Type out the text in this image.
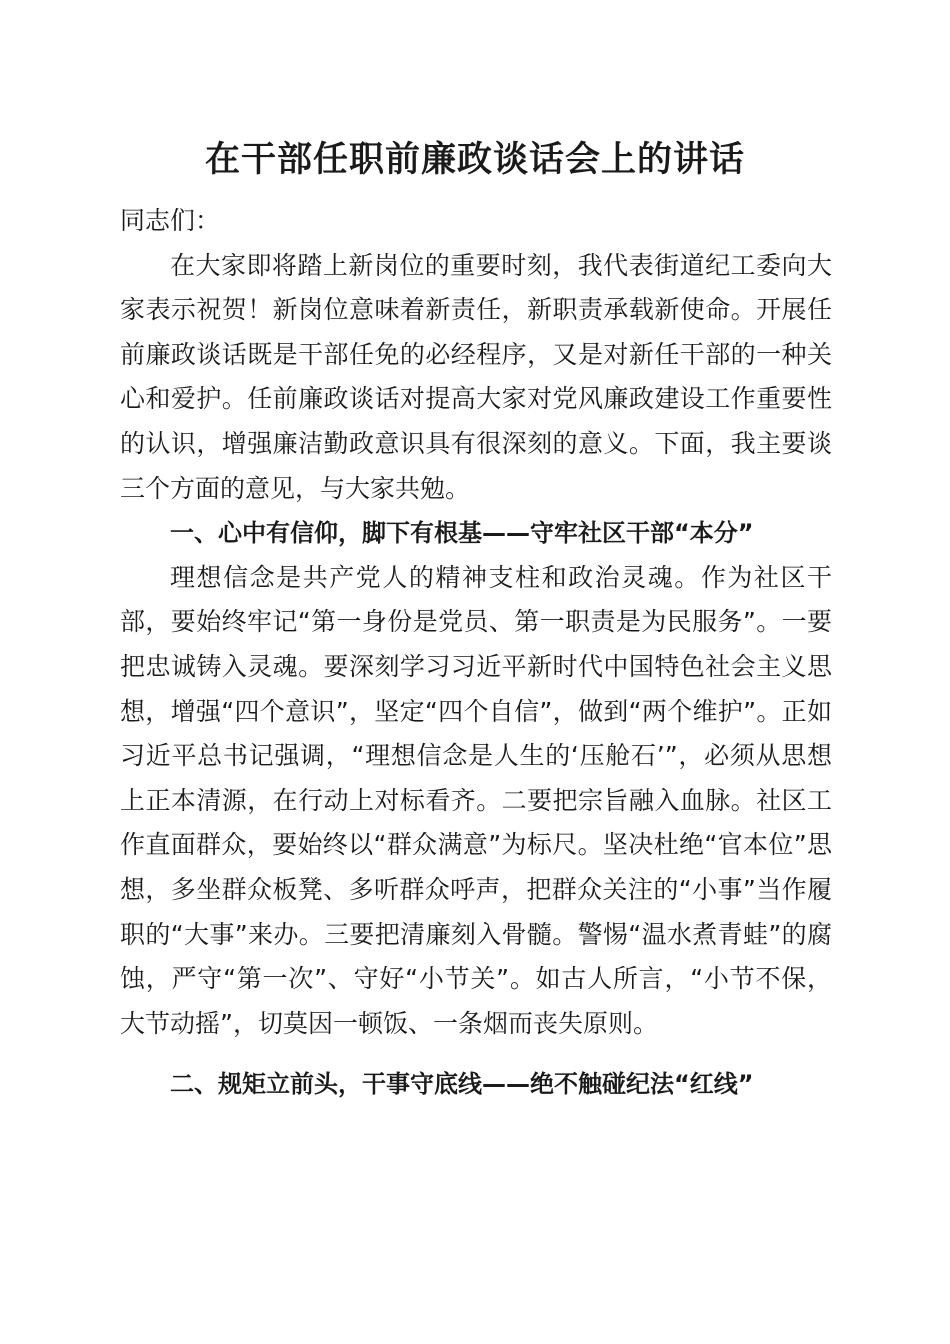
在干部任职前廉政谈话会上的讲话

同志们：

在大家即将踏上新岗位的重要时刻，我代表街道纪工委向大家表示祝贺！新岗位意味着新责任，新职责承载新使命。开展任前廉政谈话既是干部任免的必经程序，又是对新任干部的一种关心和爱护。任前廉政谈话对提高大家对党风廉政建设工作重要性的认识，增强廉洁勤政意识具有很深刻的意义。下面，我主要谈三个方面的意见，与大家共勉。

一、心中有信仰，脚下有根基——守牢社区干部“本分”

理想信念是共产党人的精神支柱和政治灵魂。作为社区干部，要始终牢记“第一身份是党员、第一职责是为民服务”。一要把忠诚铸入灵魂。要深刻学习习近平新时代中国特色社会主义思想，增强“四个意识”，坚定“四个自信”，做到“两个维护”。正如习近平总书记强调，“理想信念是人生的‘压舱石’”，必须从思想上正本清源，在行动上对标看齐。二要把宗旨融入血脉。社区工作直面群众，要始终以“群众满意”为标尺。坚决杜绝“官本位”思想，多坐群众板凳、多听群众呼声，把群众关注的“小事”当作履职的“大事”来办。三要把清廉刻入骨髓。警惕“温水煮青蛙”的腐蚀，严守“第一次”、守好“小节关”。如古人所言，“小节不保，大节动摇”，切莫因一顿饭、一条烟而丧失原则。

二、规矩立前头，干事守底线——绝不触碰纪法“红线”
